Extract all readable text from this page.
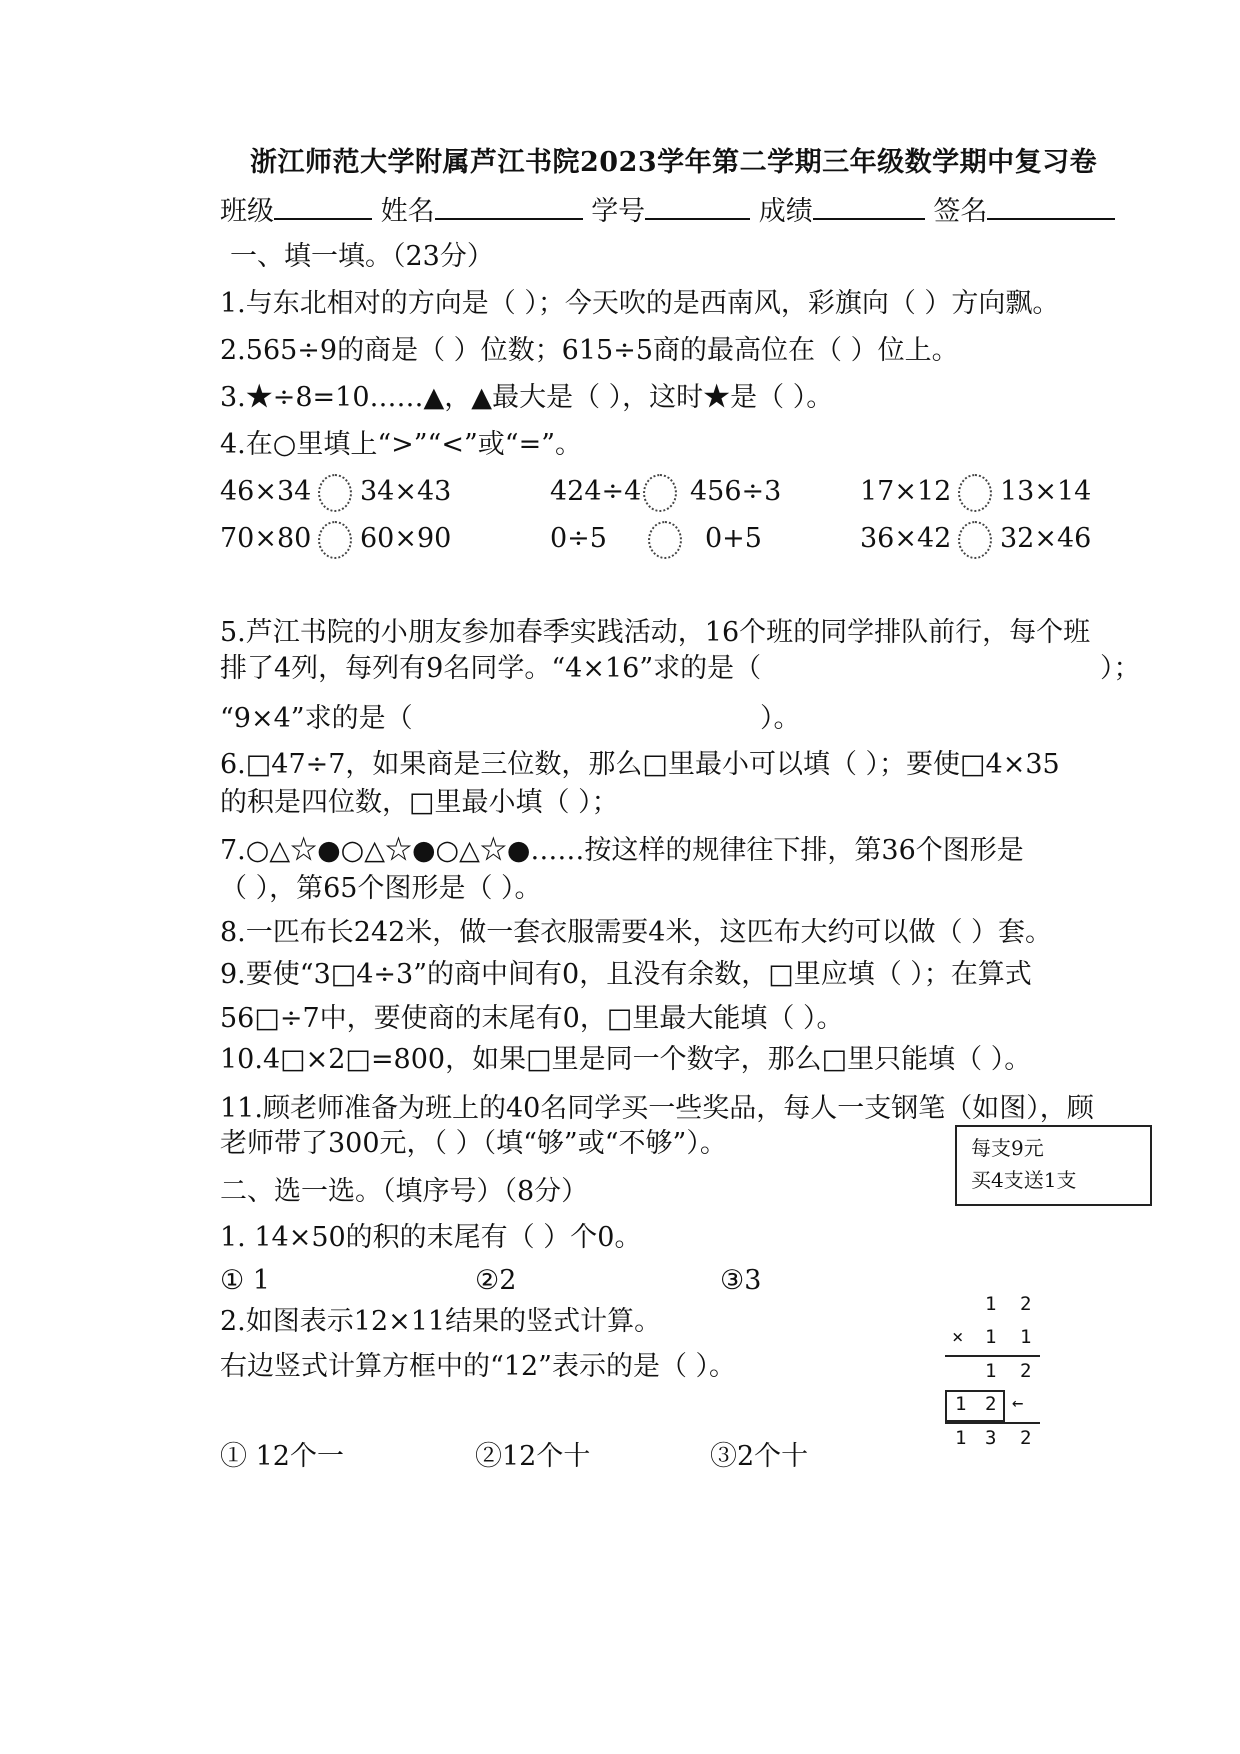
浙江师范大学附属芦江书院2023学年第二学期三年级数学期中复习卷
班级	姓名	学号	成绩	签名
一、填一填。（23分）
1.与东北相对的方向是（ ）；今天吹的是西南风，彩旗向（ ）方向飘。
2.565÷9的商是（ ）位数；615÷5商的最高位在（ ）位上。
3.★÷8=10……▲，▲最大是（ ），这时★是（ ）。
4.在○里填上“>”“<”或“=”。
46×34 34×43	424÷4 456÷3	17×12 13×14
70×80 60×90	0÷5	0+5	36×42 32×46
5.芦江书院的小朋友参加春季实践活动，16个班的同学排队前行，每个班
排了4列，每列有9名同学。“4×16”求的是（	）；
“9×4”求的是（	）。
6.□47÷7，如果商是三位数，那么□里最小可以填（ ）；要使□4×35
的积是四位数，□里最小填（ ）；
7.○△☆●○△☆●○△☆●……按这样的规律往下排，第36个图形是
（ ），第65个图形是（ ）。
8.一匹布长242米，做一套衣服需要4米，这匹布大约可以做（ ）套。
9.要使“3□4÷3”的商中间有0，且没有余数，□里应填（ ）；在算式
56□÷7中，要使商的末尾有0，□里最大能填（ ）。
10.4□×2□=800，如果□里是同一个数字，那么□里只能填（ ）。
11.顾老师准备为班上的40名同学买一些奖品，每人一支钢笔（如图），顾
老师带了300元，（ ）（填“够”或“不够”）。	每支9元
买4支送1支
二、选一选。（填序号）（8分）
1. 14×50的积的末尾有（ ）个0。
① 1	②2	③3
2.如图表示12×11结果的竖式计算。
右边竖式计算方框中的“12”表示的是（ ）。
1 2
× 1 1
1 2
1 2 ←
1 3 2
① 12个一	②12个十	③2个十
